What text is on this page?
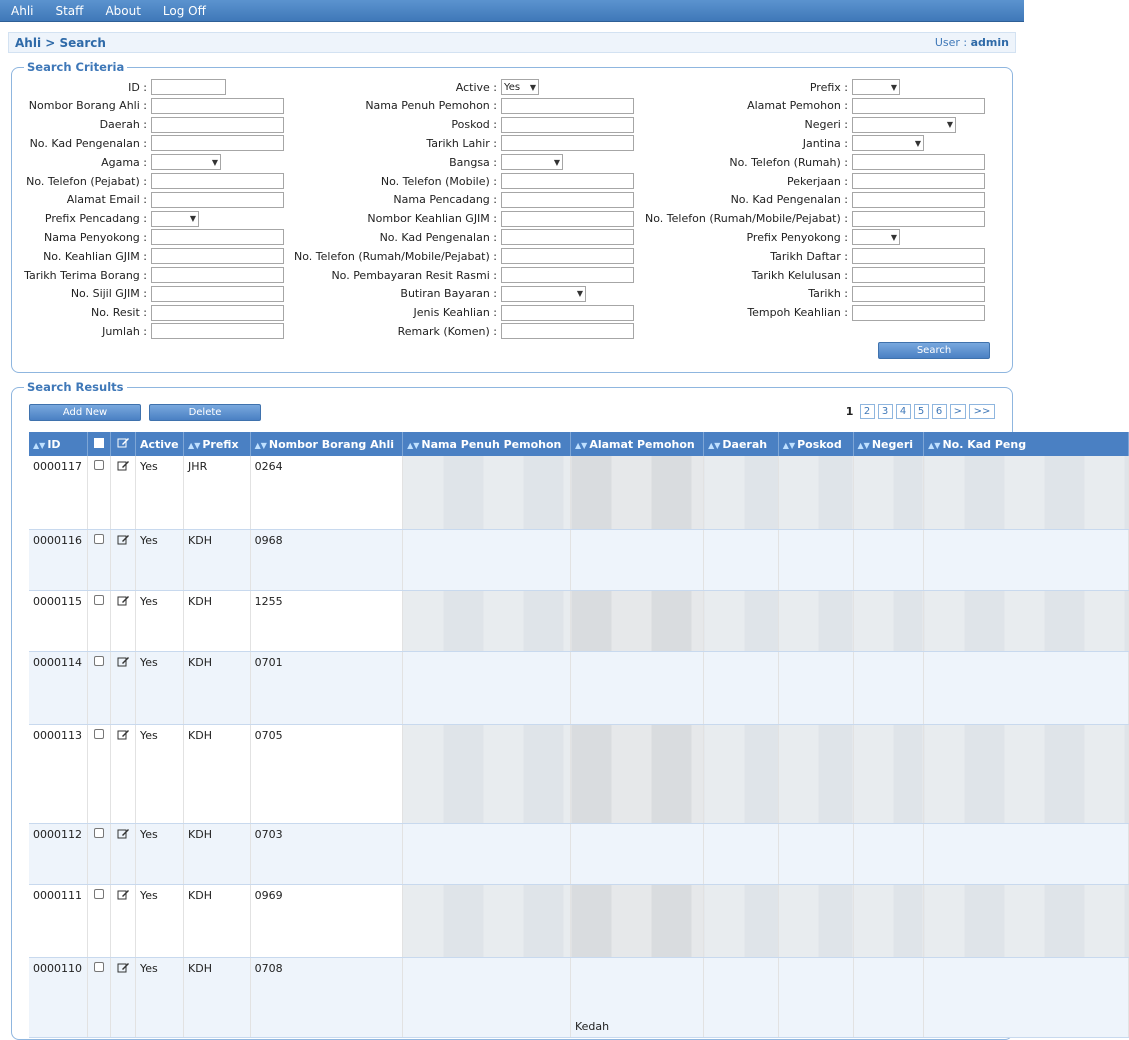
Ahli	Staff	About	Log Off
Ahli > Search	User : admin
Search Criteria
ID :
Nombor Borang Ahli :
Daerah :
No. Kad Pengenalan :
Agama :	▼
No. Telefon (Pejabat) :
Alamat Email :
Prefix Pencadang :	▼
Nama Penyokong :
No. Keahlian GJIM :
Tarikh Terima Borang :
No. Sijil GJIM :
No. Resit :
Jumlah :
Active : Yes ▼
Nama Penuh Pemohon :
Poskod :
Tarikh Lahir :
Bangsa :	▼
No. Telefon (Mobile) :
Nama Pencadang :
Nombor Keahlian GJIM :
No. Kad Pengenalan :
No. Telefon (Rumah/Mobile/Pejabat) :
No. Pembayaran Resit Rasmi :
Butiran Bayaran :	▼
Jenis Keahlian :
Remark (Komen) :
Prefix :	▼
Alamat Pemohon :
Negeri :	▼
Jantina :	▼
No. Telefon (Rumah) :
Pekerjaan :
No. Kad Pengenalan :
No. Telefon (Rumah/Mobile/Pejabat) :
Prefix Penyokong :	▼
Tarikh Daftar :
Tarikh Kelulusan :
Tarikh :
Tempoh Keahlian :
Search
Search Results
Add New	Delete	1	2	3	4	5	6	>	>>
▲▼ ID			Active	▲▼ Prefix	▲▼ Nombor Borang Ahli	▲▼ Nama Penuh Pemohon	▲▼ Alamat Pemohon	▲▼ Daerah	▲▼ Poskod	▲▼ Negeri	▲▼ No. Kad Peng
0000117			Yes	JHR	0264						
0000116			Yes	KDH	0968						
0000115			Yes	KDH	1255						
0000114			Yes	KDH	0701						
0000113			Yes	KDH	0705						
0000112			Yes	KDH	0703						
0000111			Yes	KDH	0969						
0000110			Yes	KDH	0708		Kedah				
